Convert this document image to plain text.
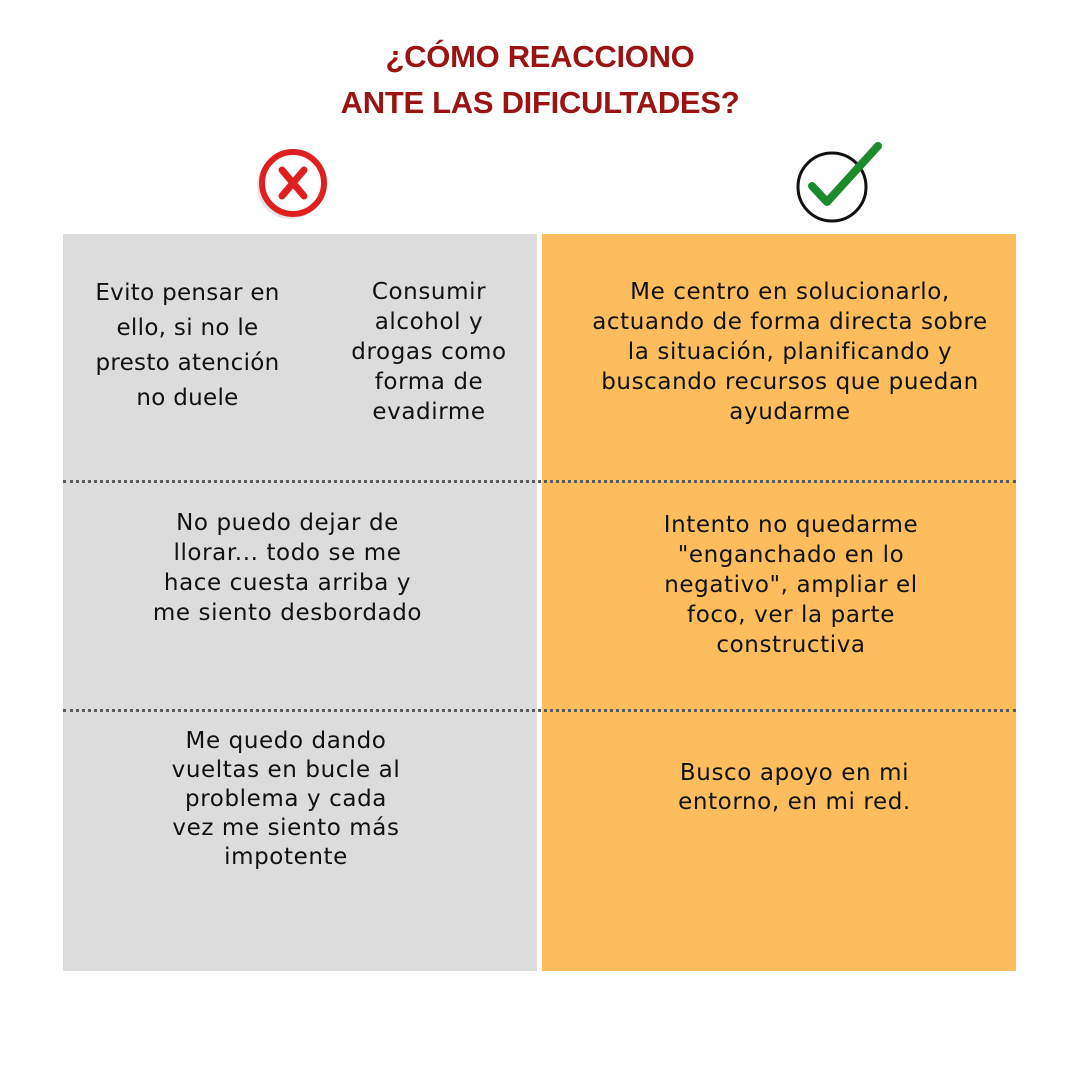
¿CÓMO REACCIONO
ANTE LAS DIFICULTADES?
Evito pensar en ello, si no le presto atención no duele
Consumir alcohol y drogas como forma de evadirme
No puedo dejar de llorar... todo se me hace cuesta arriba y me siento desbordado
Me quedo dando vueltas en bucle al problema y cada vez me siento más impotente
Me centro en solucionarlo, actuando de forma directa sobre la situación, planificando y buscando recursos que puedan ayudarme
Intento no quedarme "enganchado en lo negativo", ampliar el foco, ver la parte constructiva
Busco apoyo en mi entorno, en mi red.
